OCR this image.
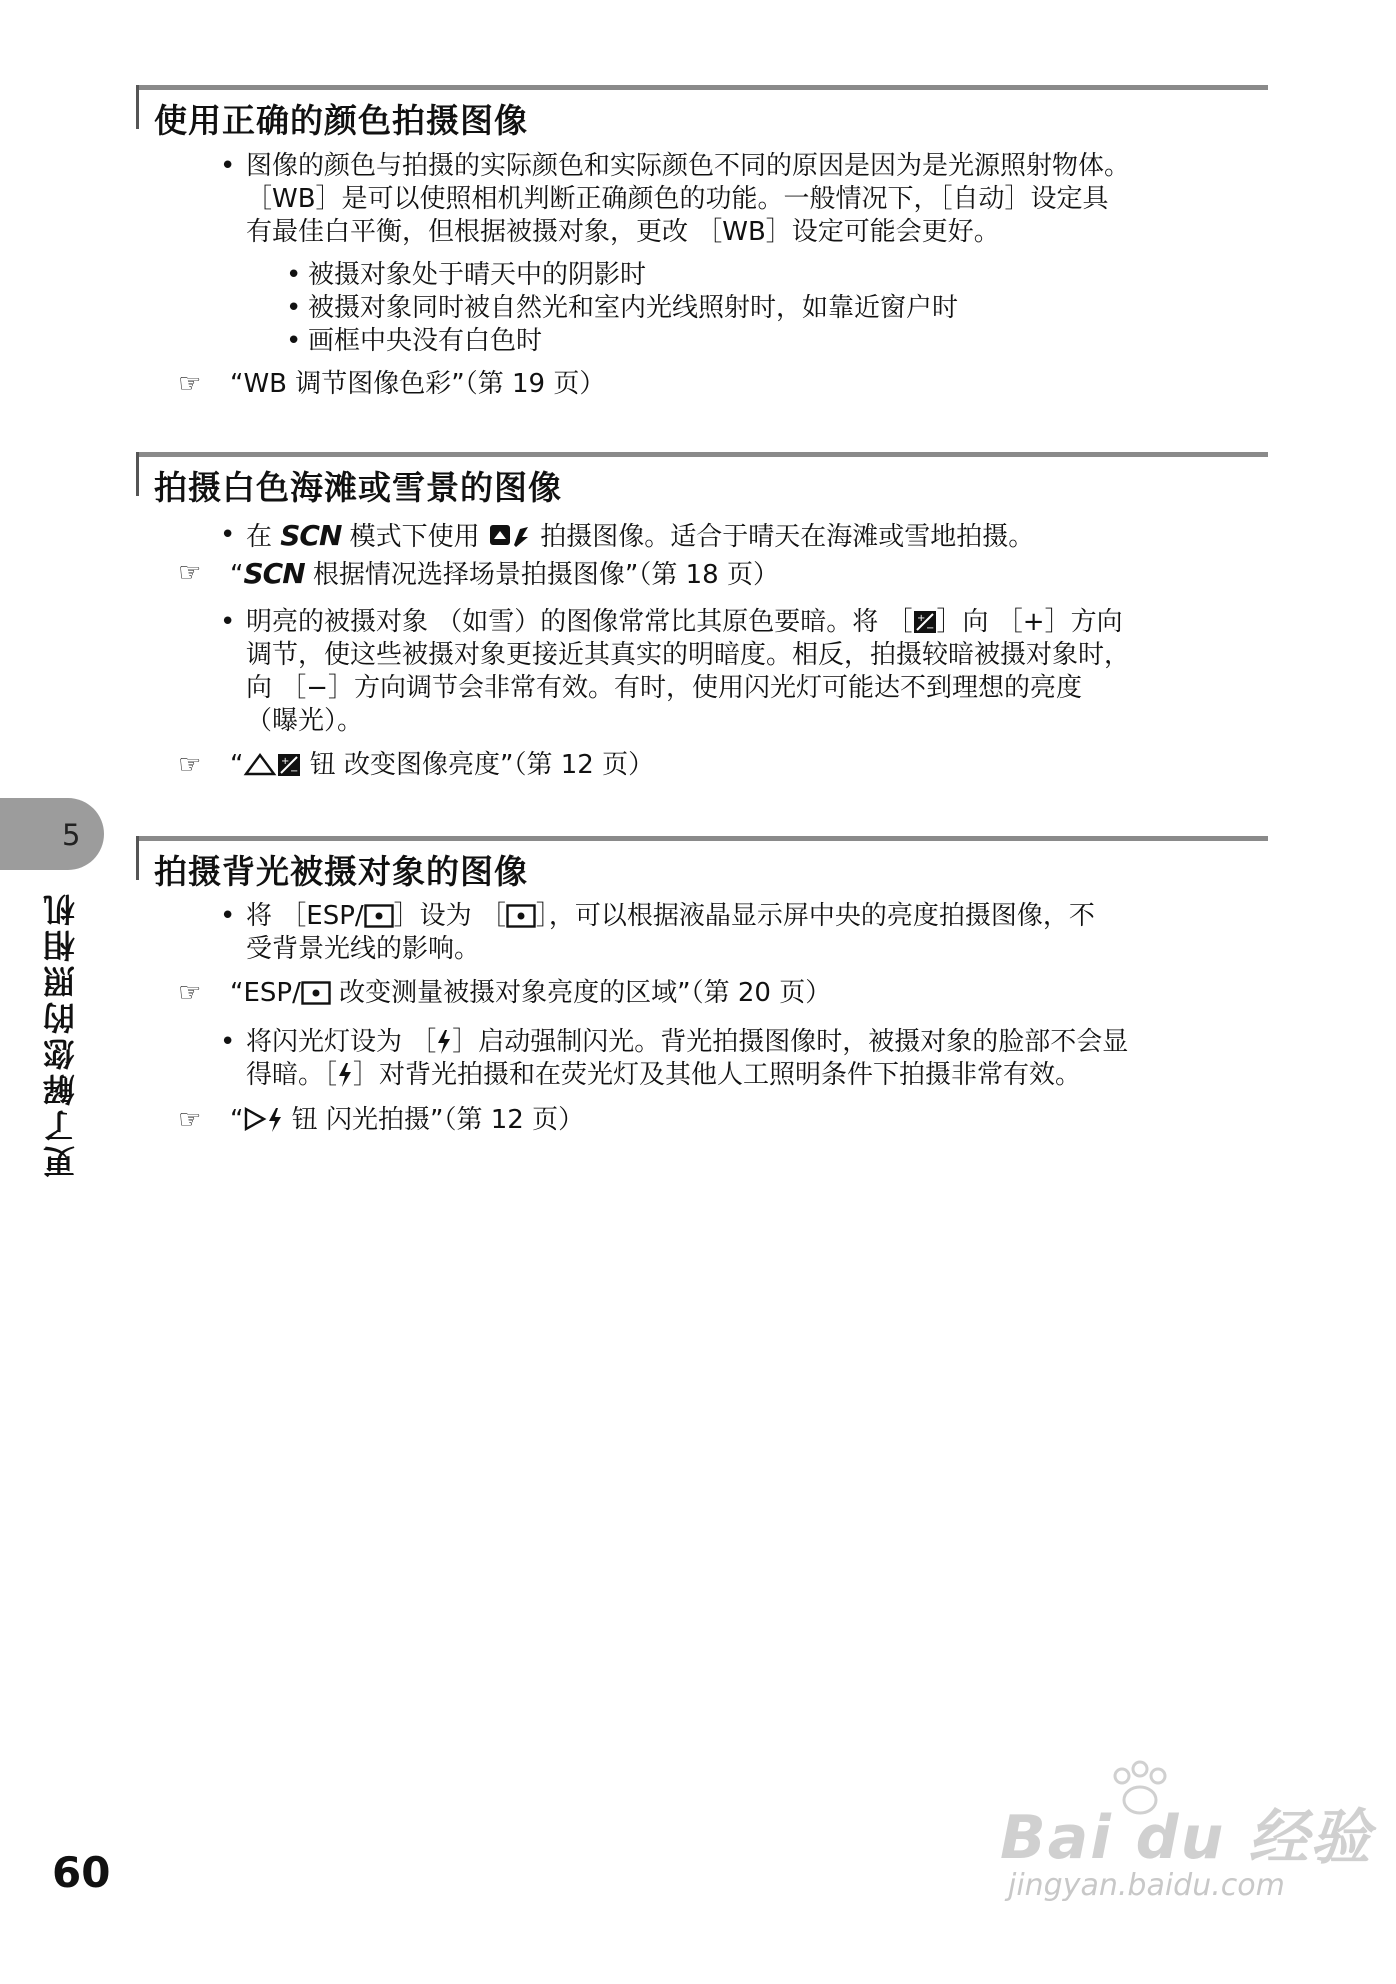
使用正确的颜色拍摄图像
• 图像的颜色与拍摄的实际颜色和实际颜色不同的原因是因为是光源照射物体。
［WB］是可以使照相机判断正确颜色的功能。一般情况下，［自动］设定具
有最佳白平衡，但根据被摄对象，更改 ［WB］设定可能会更好。
• 被摄对象处于晴天中的阴影时
• 被摄对象同时被自然光和室内光线照射时，如靠近窗户时
• 画框中央没有白色时
☞ “WB 调节图像色彩”（第 19 页）
拍摄白色海滩或雪景的图像
• 在 SCN 模式下使用  拍摄图像。适合于晴天在海滩或雪地拍摄。
☞ “SCN 根据情况选择场景拍摄图像”（第 18 页）
• 明亮的被摄对象 （如雪）的图像常常比其原色要暗。将 ［ +
− ］向 ［+］方向
调节，使这些被摄对象更接近其真实的明暗度。相反，拍摄较暗被摄对象时，
向 ［−］方向调节会非常有效。有时，使用闪光灯可能达不到理想的亮度
（曝光）。
☞ “	+
− 钮 改变图像亮度”（第 12 页）
拍摄背光被摄对象的图像
• 将 ［ESP/ ］设为 ［ ］，可以根据液晶显示屏中央的亮度拍摄图像，不
受背景光线的影响。
☞ “ESP/ 改变测量被摄对象亮度的区域”（第 20 页）
• 将闪光灯设为 ［ ］启动强制闪光。背光拍摄图像时，被摄对象的脸部不会显
得暗。［ ］对背光拍摄和在荧光灯及其他人工照明条件下拍摄非常有效。
☞ “ 钮 闪光拍摄”（第 12 页）
5
更了解您的照相机
60	Bai du 经验
jingyan.baidu.com
